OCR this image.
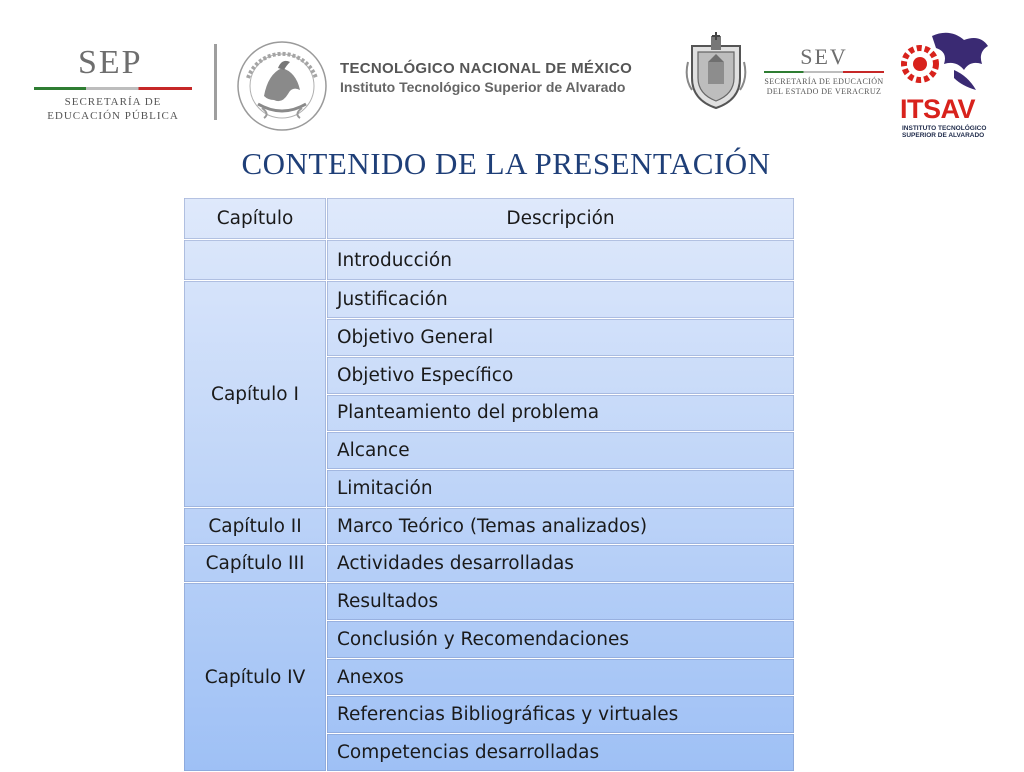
SEP
SECRETARÍA DE
EDUCACIÓN PÚBLICA
TECNOLÓGICO NACIONAL DE MÉXICO
Instituto Tecnológico Superior de Alvarado
SEV
SECRETARÍA DE EDUCACIÓN
DEL ESTADO DE VERACRUZ
ITSAV
INSTITUTO TECNOLÓGICO
SUPERIOR DE ALVARADO
CONTENIDO DE LA PRESENTACIÓN
Capítulo	Descripción
	Introducción
Capítulo I	Justificación
	Objetivo General
	Objetivo Específico
	Planteamiento del problema
	Alcance
	Limitación
Capítulo II	Marco Teórico (Temas analizados)
Capítulo III	Actividades desarrolladas
Capítulo IV	Resultados
	Conclusión y Recomendaciones
	Anexos
	Referencias Bibliográficas y virtuales
	Competencias desarrolladas
